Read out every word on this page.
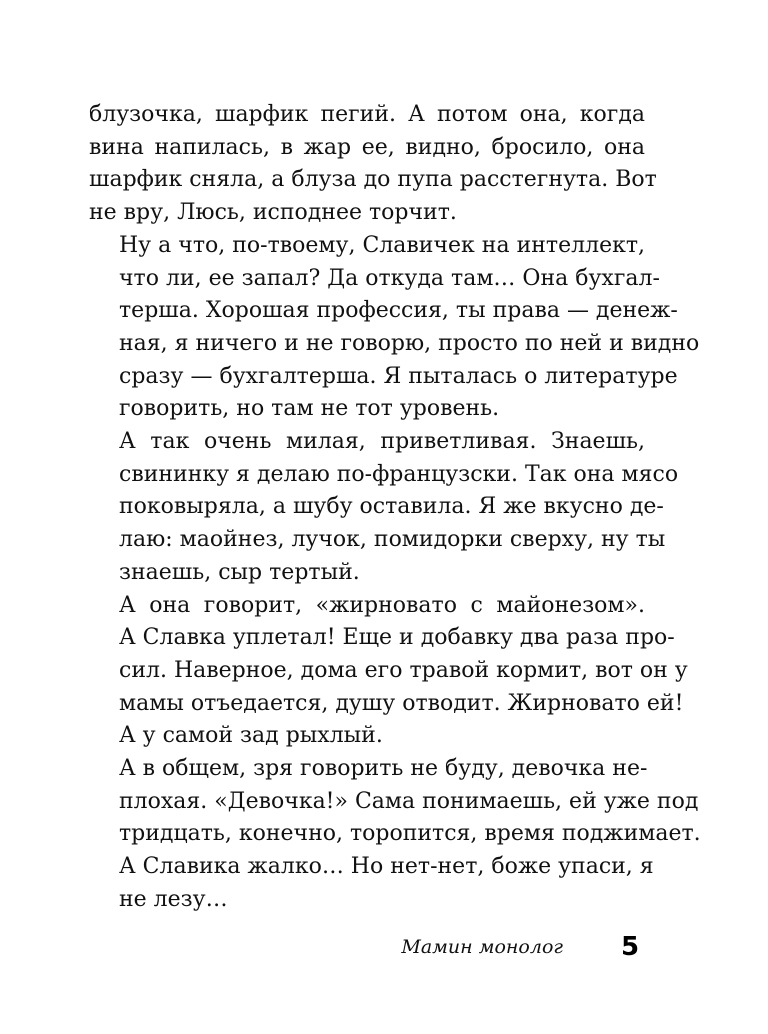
блузочка, шарфик пегий. А потом она, когда
вина напилась, в жар ее, видно, бросило, она
шарфик сняла, а блуза до пупа расстегнута. Вот
не вру, Люсь, исподнее торчит.

Ну а что, по-твоему, Славичек на интеллект,
что ли, ее запал? Да откуда там… Она бухгал-
терша. Хорошая профессия, ты права — денеж-
ная, я ничего и не говорю, просто по ней и видно
сразу — бухгалтерша. Я пыталась о литературе
говорить, но там не тот уровень.

А так очень милая, приветливая. Знаешь,
свининку я делаю по-французски. Так она мясо
поковыряла, а шубу оставила. Я же вкусно де-
лаю: маойнез, лучок, помидорки сверху, ну ты
знаешь, сыр тертый.

А она говорит, «жирновато с майонезом».
А Славка уплетал! Еще и добавку два раза про-
сил. Наверное, дома его травой кормит, вот он у
мамы отъедается, душу отводит. Жирновато ей!
А у самой зад рыхлый.

А в общем, зря говорить не буду, девочка не-
плохая. «Девочка!» Сама понимаешь, ей уже под
тридцать, конечно, торопится, время поджимает.

А Славика жалко… Но нет-нет, боже упаси, я
не лезу…

Мамин монолог 5
